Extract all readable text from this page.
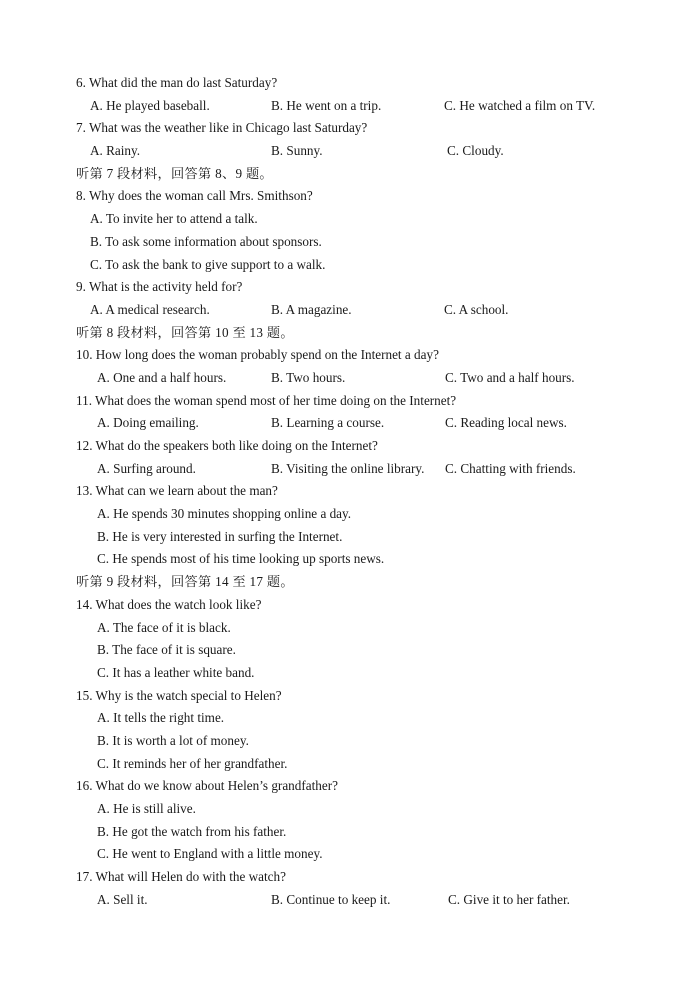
6. What did the man do last Saturday?
A. He played baseball.	B. He went on a trip.	C. He watched a film on TV.
7. What was the weather like in Chicago last Saturday?
A. Rainy.	B. Sunny.	C. Cloudy.
听第 7 段材料，回答第 8、9 题。
8. Why does the woman call Mrs. Smithson?
A. To invite her to attend a talk.
B. To ask some information about sponsors.
C. To ask the bank to give support to a walk.
9. What is the activity held for?
A. A medical research.	B. A magazine.	C. A school.
听第 8 段材料，回答第 10 至 13 题。
10. How long does the woman probably spend on the Internet a day?
A. One and a half hours.	B. Two hours.	C. Two and a half hours.
11. What does the woman spend most of her time doing on the Internet?
A. Doing emailing.	B. Learning a course.	C. Reading local news.
12. What do the speakers both like doing on the Internet?
A. Surfing around.	B. Visiting the online library. C. Chatting with friends.
13. What can we learn about the man?
A. He spends 30 minutes shopping online a day.
B. He is very interested in surfing the Internet.
C. He spends most of his time looking up sports news.
听第 9 段材料，回答第 14 至 17 题。
14. What does the watch look like?
A. The face of it is black.
B. The face of it is square.
C. It has a leather white band.
15. Why is the watch special to Helen?
A. It tells the right time.
B. It is worth a lot of money.
C. It reminds her of her grandfather.
16. What do we know about Helen’s grandfather?
A. He is still alive.
B. He got the watch from his father.
C. He went to England with a little money.
17. What will Helen do with the watch?
A. Sell it.	B. Continue to keep it.	C. Give it to her father.
